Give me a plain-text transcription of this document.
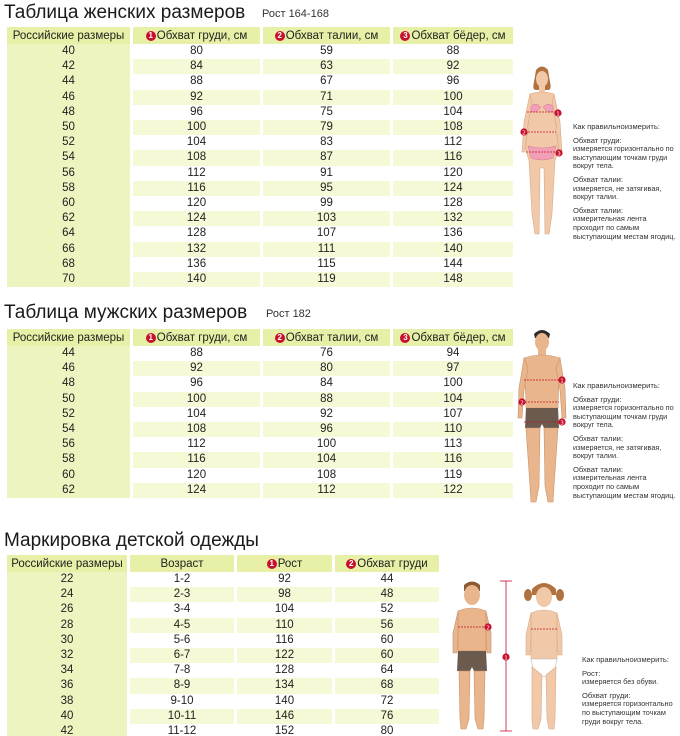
Таблица женских размеров Рост 164-168
Российские размеры	1 Обхват груди, см	2 Обхват талии, см	3 Обхват бёдер, см
40	80	59	88
42	84	63	92
44	88	67	96
46	92	71	100
48	96	75	104
50	100	79	108
52	104	83	112
54	108	87	116
56	112	91	120
58	116	95	124
60	120	99	128
62	124	103	132
64	128	107	136
66	132	111	140
68	136	115	144
70	140	119	148
1
2
3
Как правильноизмерить:
Обхват груди:
измеряется горизонтально по выступающим точкам груди вокруг тела.
Обхват талии:
измеряется, не затягивая, вокруг талии.
Обхват талии:
измерительная лента проходит по самым выступающим местам ягодиц.
Таблица мужских размеров Рост 182
Российские размеры	1 Обхват груди, см	2 Обхват талии, см	3 Обхват бёдер, см
44	88	76	94
46	92	80	97
48	96	84	100
50	100	88	104
52	104	92	107
54	108	96	110
56	112	100	113
58	116	104	116
60	120	108	119
62	124	112	122
1
2
3
Как правильноизмерить:
Обхват груди:
измеряется горизонтально по выступающим точкам груди вокруг тела.
Обхват талии:
измеряется, не затягивая, вокруг талии.
Обхват талии:
измерительная лента проходит по самым выступающим местам ягодиц.
Маркировка детской одежды
Российские размеры	Возраст	1 Рост	2 Обхват груди
22	1-2	92	44
24	2-3	98	48
26	3-4	104	52
28	4-5	110	56
30	5-6	116	60
32	6-7	122	60
34	7-8	128	64
36	8-9	134	68
38	9-10	140	72
40	10-11	146	76
42	11-12	152	80
2
1	Как правильноизмерить:
Рост:
измеряется без обуви.
Обхват груди:
измеряется горизонтально по выступающим точкам груди вокруг тела.
